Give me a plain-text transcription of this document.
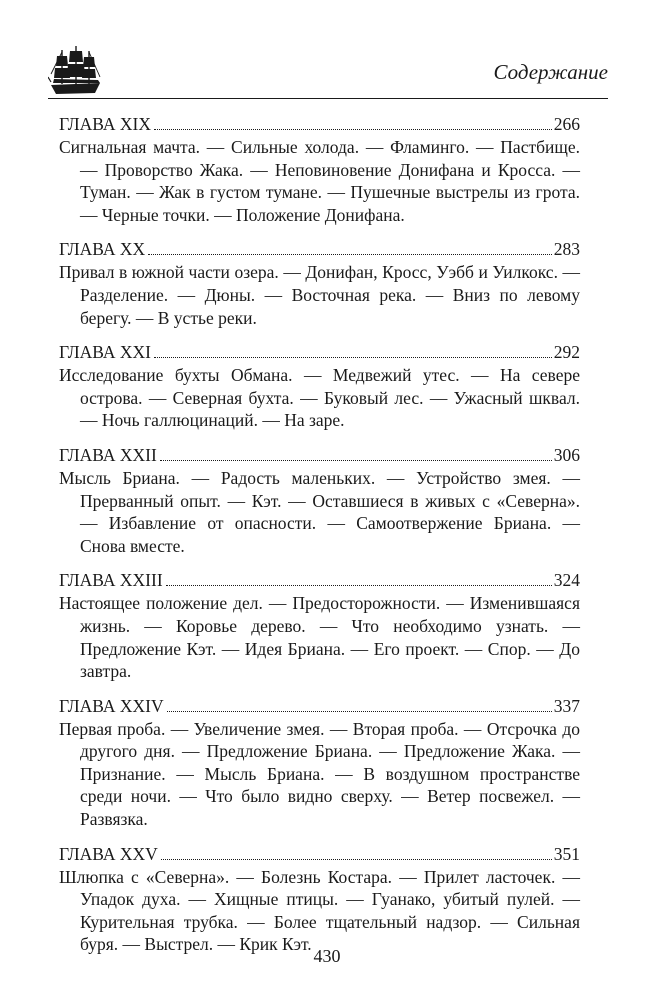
Содержание
ГЛАВА XIX	266

Сигнальная мачта. — Сильные холода. — Фламинго. — Пастбище. — Проворство Жака. — Неповиновение Донифана и Кросса. — Туман. — Жак в густом тумане. — Пушечные выстрелы из грота. — Черные точки. — Положение Донифана.

ГЛАВА XX	283

Привал в южной части озера. — Донифан, Кросс, Уэбб и Уилкокс. — Разделение. — Дюны. — Восточная река. — Вниз по левому берегу. — В устье реки.

ГЛАВА XXI	292

Исследование бухты Обмана. — Медвежий утес. — На севере острова. — Северная бухта. — Буковый лес. — Ужасный шквал. — Ночь галлюцинаций. — На заре.

ГЛАВА XXII	306

Мысль Бриана. — Радость маленьких. — Устройство змея. — Прерванный опыт. — Кэт. — Оставшиеся в живых с «Северна». — Избавление от опасности. — Самоотвержение Бриана. — Снова вместе.

ГЛАВА XXIII	324

Настоящее положение дел. — Предосторожности. — Изменившаяся жизнь. — Коровье дерево. — Что необходимо узнать. — Предложение Кэт. — Идея Бриана. — Его проект. — Спор. — До завтра.

ГЛАВА XXIV	337

Первая проба. — Увеличение змея. — Вторая проба. — Отсрочка до другого дня. — Предложение Бриана. — Предложение Жака. — Признание. — Мысль Бриана. — В воздушном пространстве среди ночи. — Что было видно сверху. — Ветер посвежел. — Развязка.

ГЛАВА XXV	351

Шлюпка с «Северна». — Болезнь Костара. — Прилет ласточек. — Упадок духа. — Хищные птицы. — Гуанако, убитый пулей. — Курительная трубка. — Более тщательный надзор. — Сильная буря. — Выстрел. — Крик Кэт.

430
